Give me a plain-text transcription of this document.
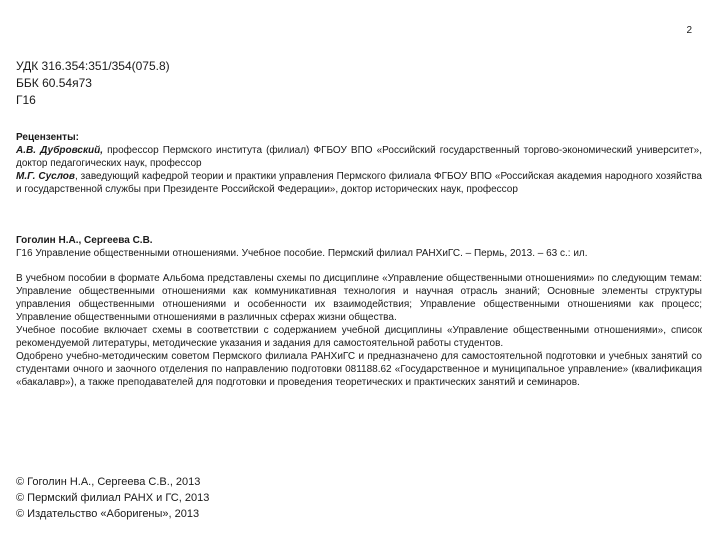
2
УДК 316.354:351/354(075.8)
ББК 60.54я73
Г16

Рецензенты:

А.В. Дубровский, профессор Пермского института (филиал) ФГБОУ ВПО «Российский государственный торгово-экономический университет», доктор педагогических наук, профессор

М.Г. Суслов, заведующий кафедрой теории и практики управления Пермского филиала ФГБОУ ВПО «Российская академия народного хозяйства и государственной службы при Президенте Российской Федерации», доктор исторических наук, профессор

Гоголин Н.А., Сергеева С.В.

Г16 Управление общественными отношениями. Учебное пособие. Пермский филиал РАНХиГС. – Пермь, 2013. – 63 с.: ил.

В учебном пособии в формате Альбома представлены схемы по дисциплине «Управление общественными отношениями» по следующим темам: Управление общественными отношениями как коммуникативная технология и научная отрасль знаний; Основные элементы структуры управления общественными отношениями и особенности их взаимодействия; Управление общественными отношениями как процесс; Управление общественными отношениями в различных сферах жизни общества.

Учебное пособие включает схемы в соответствии с содержанием учебной дисциплины «Управление общественными отношениями», список рекомендуемой литературы, методические указания и задания для самостоятельной работы студентов.

Одобрено учебно-методическим советом Пермского филиала РАНХиГС и предназначено для самостоятельной подготовки и учебных занятий со студентами очного и заочного отделения по направлению подготовки 081188.62 «Государственное и муниципальное управление» (квалификация «бакалавр»), а также преподавателей для подготовки и проведения теоретических и практических занятий и семинаров.

© Гоголин Н.А., Сергеева С.В., 2013
© Пермский филиал РАНХ и ГС, 2013
© Издательство «Аборигены», 2013
